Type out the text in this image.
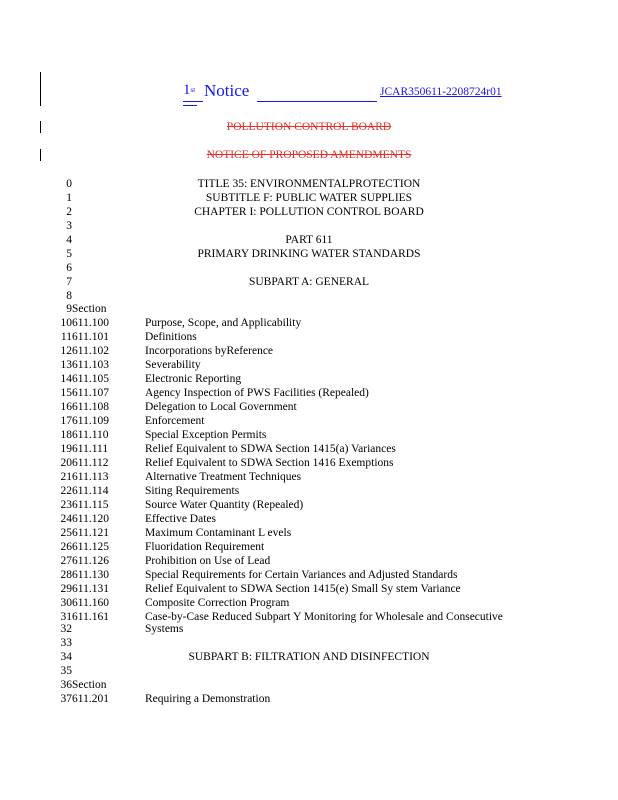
1st Notice	JCAR350611-2208724r01
POLLUTION CONTROL BOARD
NOTICE OF PROPOSED AMENDMENTS
0	TITLE 35: ENVIRONMENTALPROTECTION
1	SUBTITLE F: PUBLIC WATER SUPPLIES
2	CHAPTER I: POLLUTION CONTROL BOARD
3
4	PART 611
5	PRIMARY DRINKING WATER STANDARDS
6
7	SUBPART A: GENERAL
8
9 Section
10 611.100	Purpose, Scope, and Applicability
11 611.101	Definitions
12 611.102	Incorporations byReference
13 611.103	Severability
14 611.105	Electronic Reporting
15 611.107	Agency Inspection of PWS Facilities (Repealed)
16 611.108	Delegation to Local Government
17 611.109	Enforcement
18 611.110	Special Exception Permits
19 611.111	Relief Equivalent to SDWA Section 1415(a) Variances
20 611.112	Relief Equivalent to SDWA Section 1416 Exemptions
21 611.113	Alternative Treatment Techniques
22 611.114	Siting Requirements
23 611.115	Source Water Quantity (Repealed)
24 611.120	Effective Dates
25 611.121	Maximum Contaminant L evels
26 611.125	Fluoridation Requirement
27 611.126	Prohibition on Use of Lead
28 611.130	Special Requirements for Certain Variances and Adjusted Standards
29 611.131	Relief Equivalent to SDWA Section 1415(e) Small Sy stem Variance
30 611.160	Composite Correction Program
31 611.161	Case-by-Case Reduced Subpart Y Monitoring for Wholesale and Consecutive
32	Systems
33
34	SUBPART B: FILTRATION AND DISINFECTION
35
36 Section
37 611.201	Requiring a Demonstration
